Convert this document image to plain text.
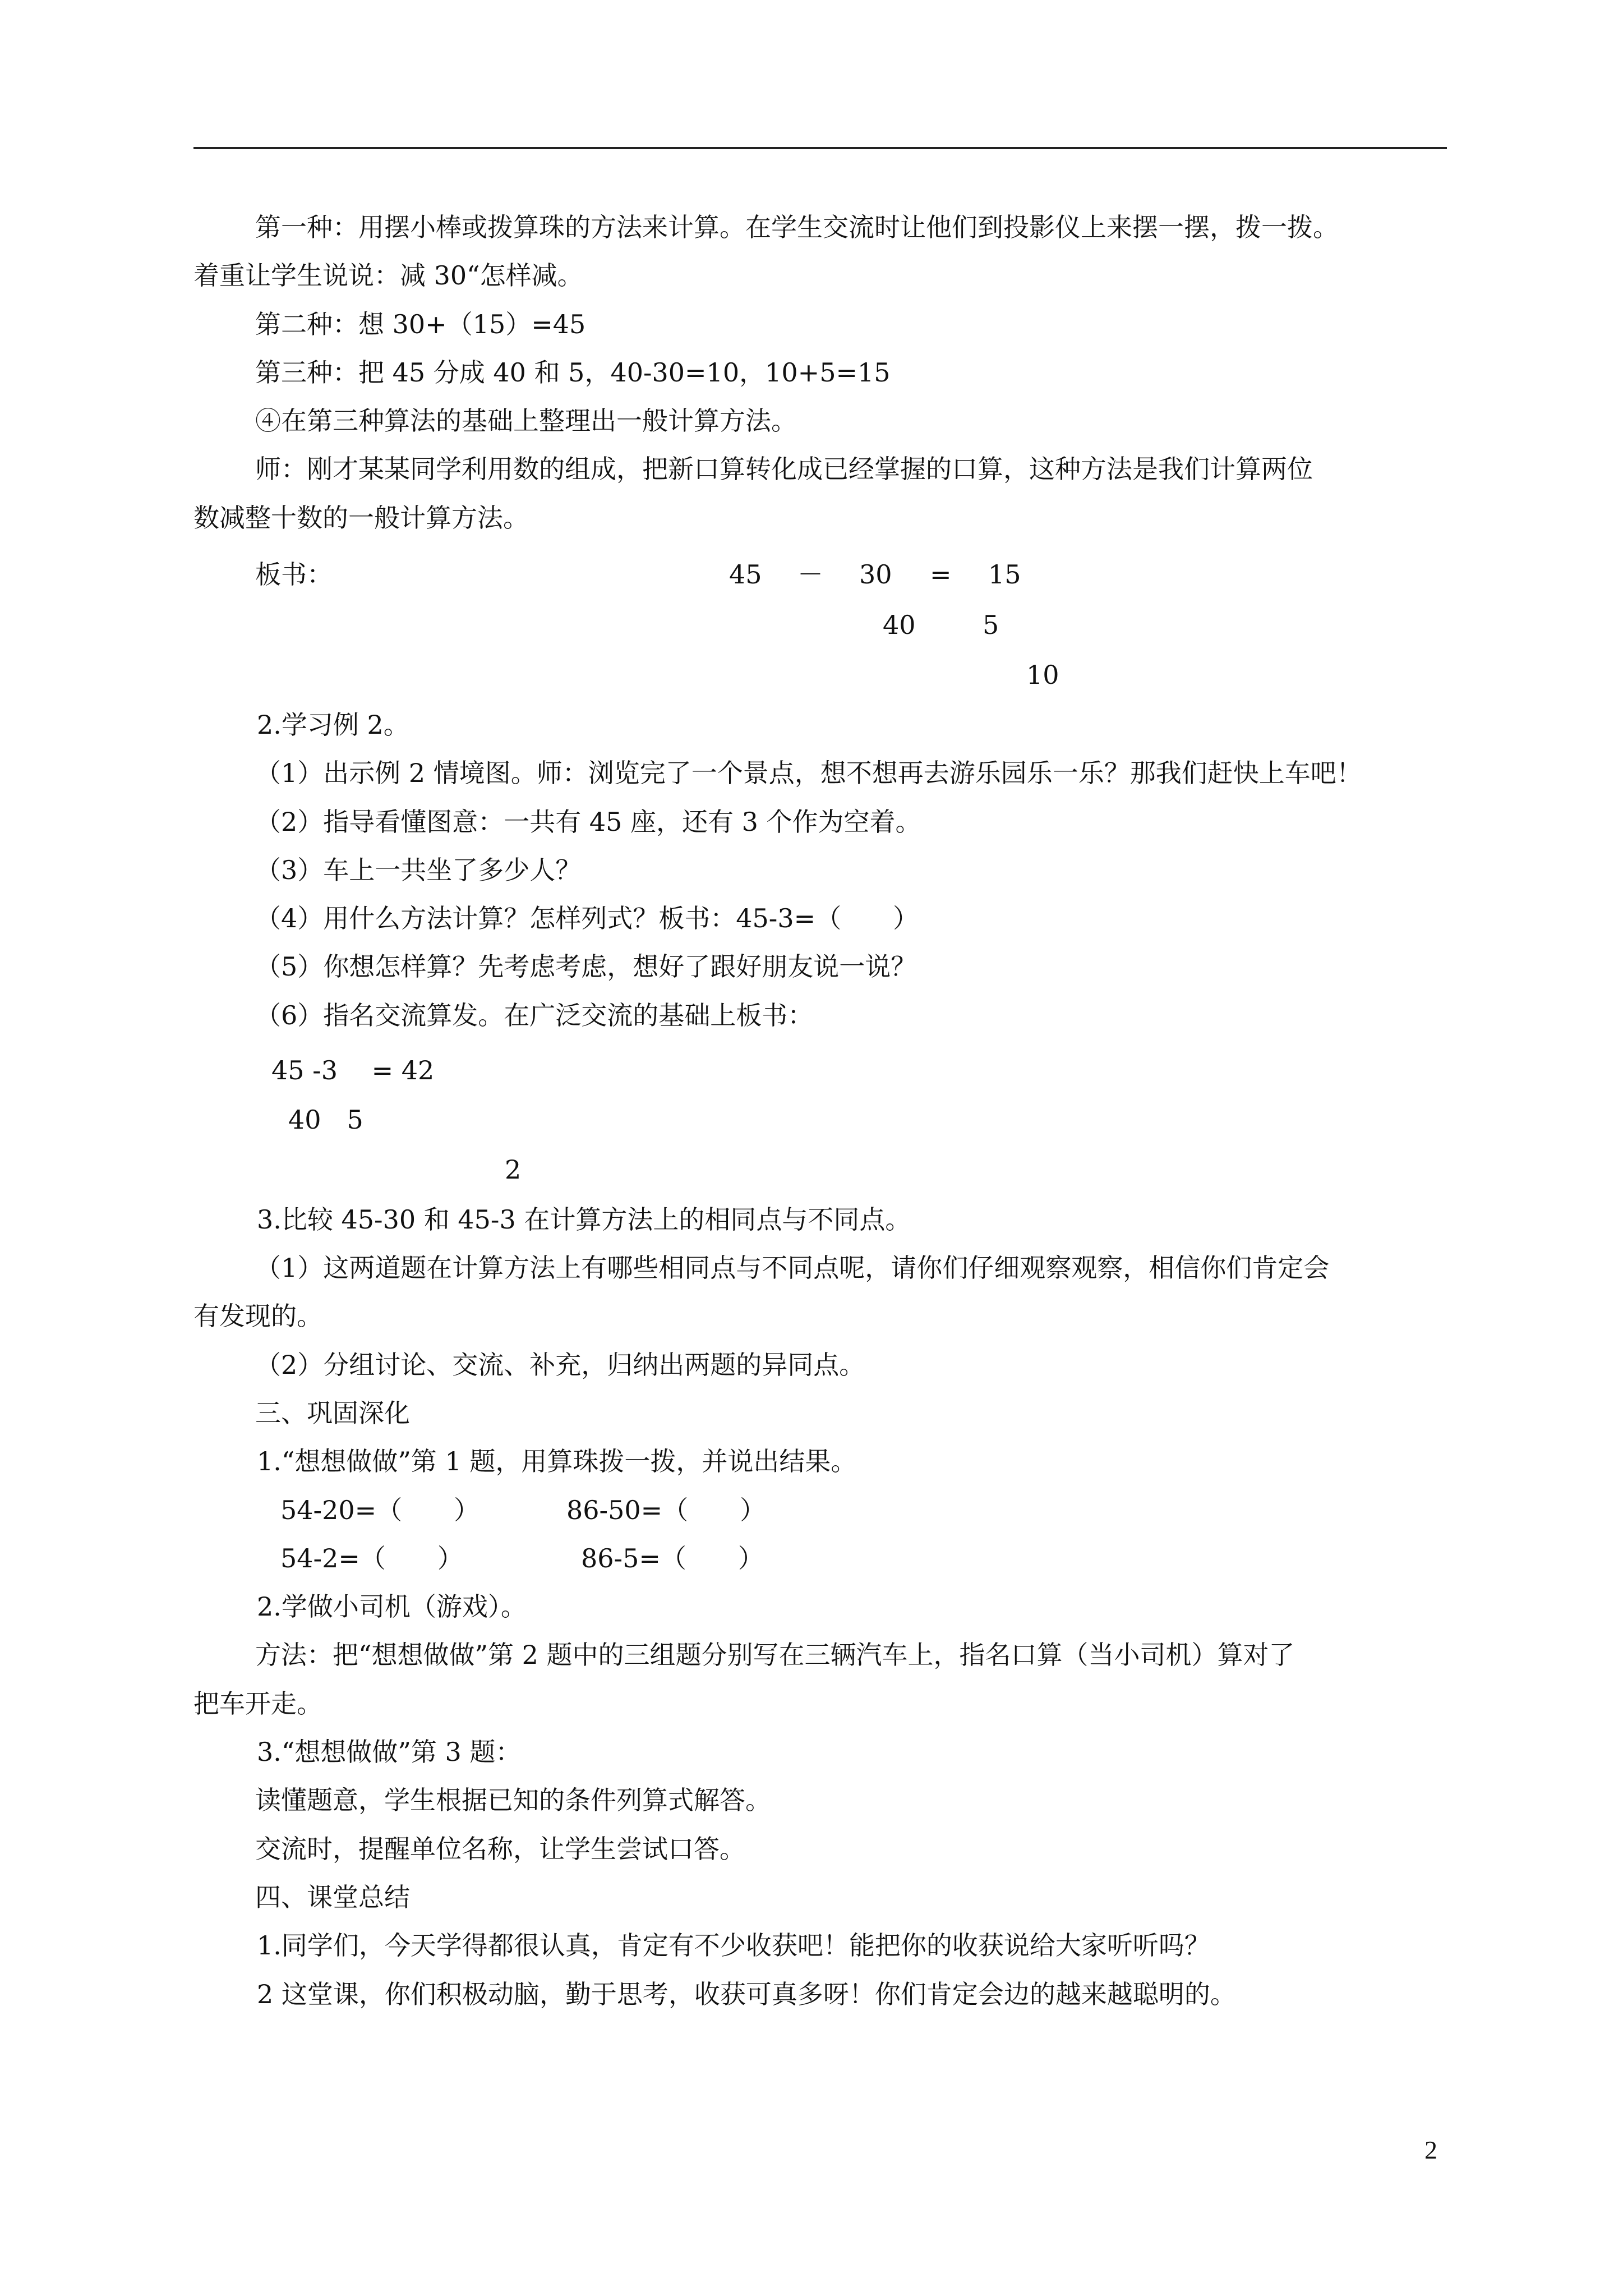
第一种：用摆小棒或拨算珠的方法来计算。在学生交流时让他们到投影仪上来摆一摆，拨一拨。
着重让学生说说：减 30“怎样减。
第二种：想 30+（15）=45
第三种：把 45 分成 40 和 5，40-30=10，10+5=15
④在第三种算法的基础上整理出一般计算方法。
师：刚才某某同学利用数的组成，把新口算转化成已经掌握的口算，这种方法是我们计算两位
数减整十数的一般计算方法。
板书：	45 － 30 = 15
40	5
10
2.学习例 2。
（1）出示例 2 情境图。师：浏览完了一个景点，想不想再去游乐园乐一乐？那我们赶快上车吧！
（2）指导看懂图意：一共有 45 座，还有 3 个作为空着。
（3）车上一共坐了多少人？
（4）用什么方法计算？怎样列式？板书：45-3=（　　）
（5）你想怎样算？先考虑考虑，想好了跟好朋友说一说？
（6）指名交流算发。在广泛交流的基础上板书：
45 -3　 = 42
40　5
2
3.比较 45-30 和 45-3 在计算方法上的相同点与不同点。
（1）这两道题在计算方法上有哪些相同点与不同点呢，请你们仔细观察观察，相信你们肯定会
有发现的。
（2）分组讨论、交流、补充，归纳出两题的异同点。
三、巩固深化
1.“想想做做”第 1 题，用算珠拨一拨，并说出结果。
54-20=（　　）	86-50=（　　）
54-2=（　　）	86-5=（　　）
2.学做小司机（游戏）。
方法：把“想想做做”第 2 题中的三组题分别写在三辆汽车上，指名口算（当小司机）算对了
把车开走。
3.“想想做做”第 3 题：
读懂题意，学生根据已知的条件列算式解答。
交流时，提醒单位名称，让学生尝试口答。
四、课堂总结
1.同学们，今天学得都很认真，肯定有不少收获吧！能把你的收获说给大家听听吗？
2 这堂课，你们积极动脑，勤于思考，收获可真多呀！你们肯定会边的越来越聪明的。
2
